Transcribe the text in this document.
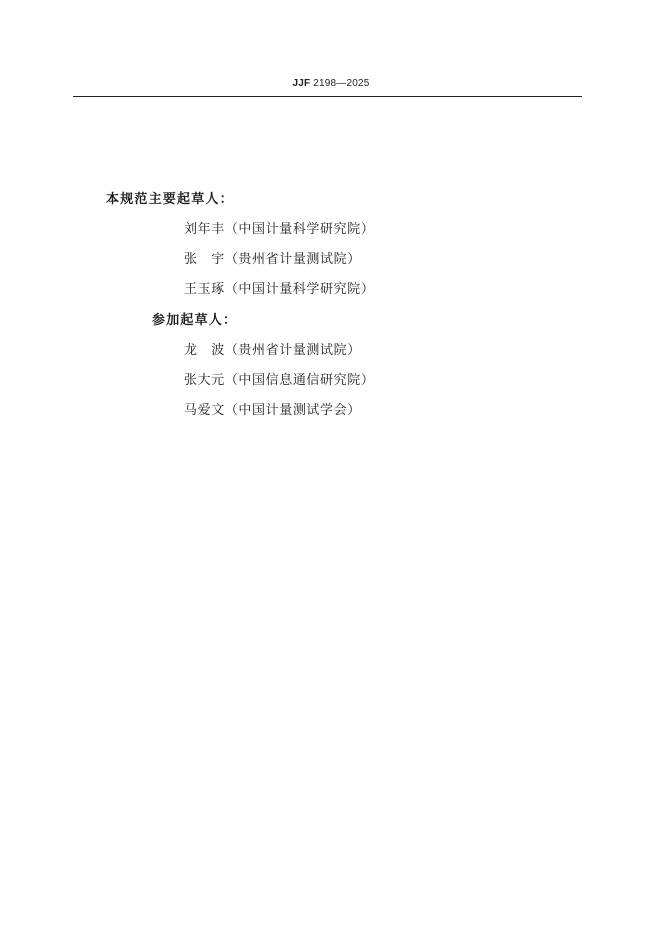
JJF 2198—2025
本规范主要起草人：
刘年丰（中国计量科学研究院）
张　宇（贵州省计量测试院）
王玉琢（中国计量科学研究院）
参加起草人：
龙　波（贵州省计量测试院）
张大元（中国信息通信研究院）
马爱文（中国计量测试学会）
